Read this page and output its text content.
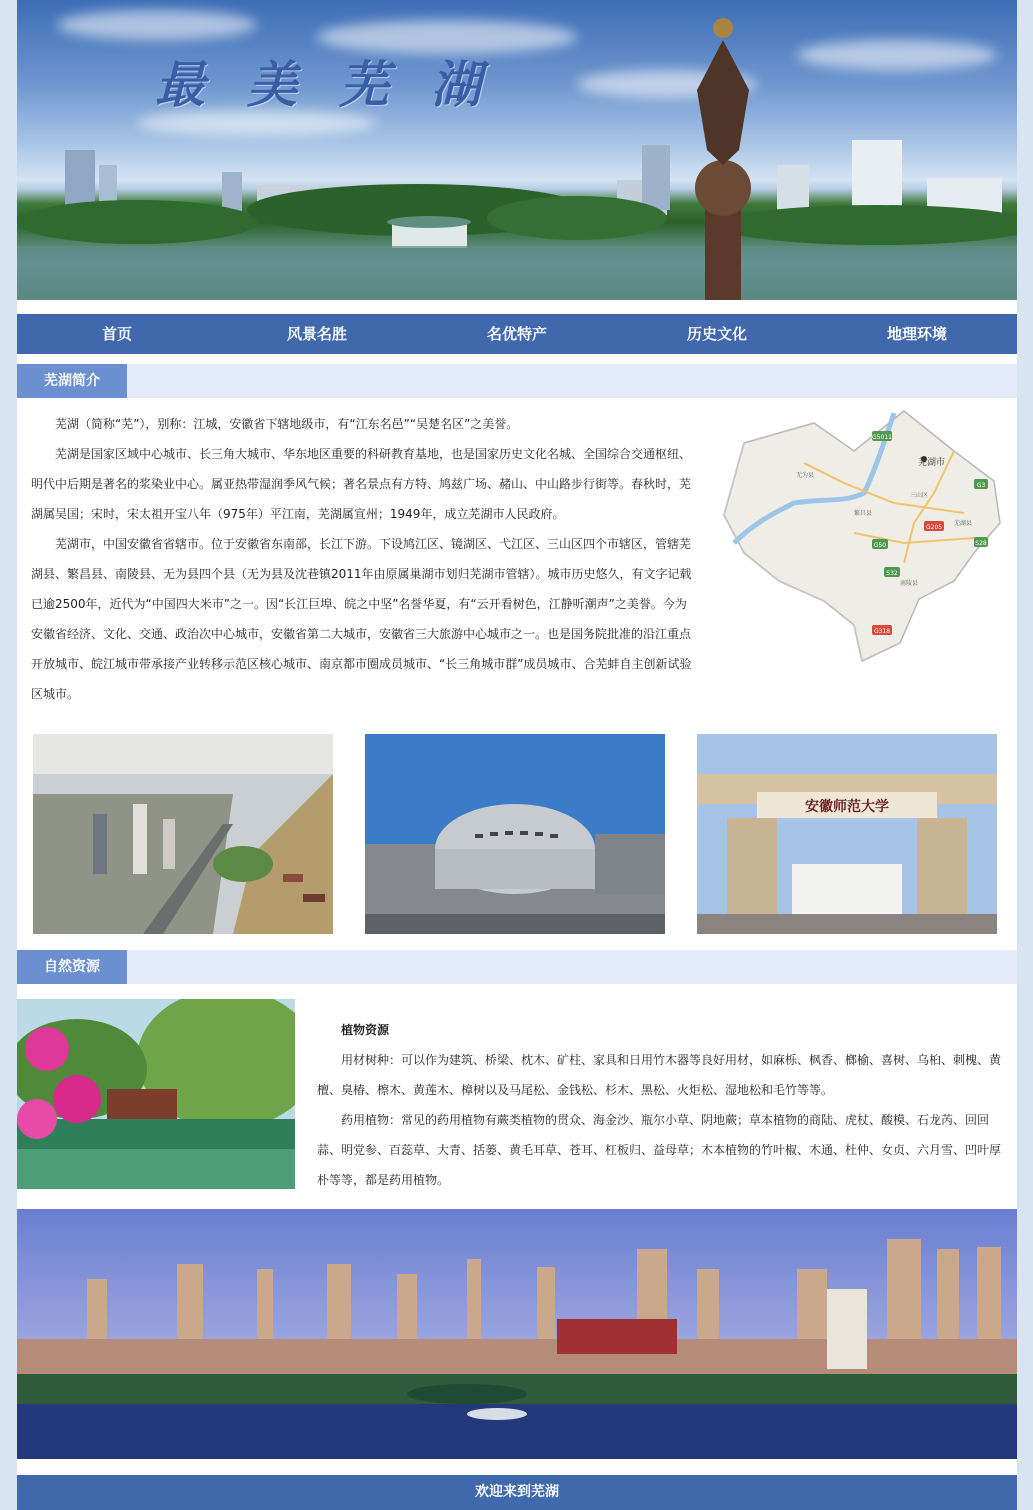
最美芜湖
首页	风景名胜	名优特产	历史文化	地理环境
芜湖简介

芜湖（简称“芜”），别称：江城，安徽省下辖地级市，有“江东名邑”“吴楚名区”之美誉。

芜湖是国家区域中心城市、长三角大城市、华东地区重要的科研教育基地，也是国家历史文化名城、全国综合交通枢纽、明代中后期是著名的浆染业中心。属亚热带湿润季风气候；著名景点有方特、鸠兹广场、赭山、中山路步行街等。春秋时，芜湖属吴国；宋时，宋太祖开宝八年（975年）平江南，芜湖属宣州；1949年，成立芜湖市人民政府。

芜湖市，中国安徽省省辖市。位于安徽省东南部，长江下游。下设鸠江区、镜湖区、弋江区、三山区四个市辖区，管辖芜湖县、繁昌县、南陵县、无为县四个县（无为县及沈巷镇2011年由原属巢湖市划归芜湖市管辖）。城市历史悠久，有文字记载已逾2500年，近代为“中国四大米市”之一。因“长江巨埠、皖之中坚”名誉华夏，有“云开看树色，江静听潮声”之美誉。今为安徽省经济、文化、交通、政治次中心城市，安徽省第二大城市，安徽省三大旅游中心城市之一。也是国务院批准的沿江重点开放城市、皖江城市带承接产业转移示范区核心城市、南京都市圈成员城市、“长三角城市群”成员城市、合芜蚌自主创新试验区城市。

G5011
G205
G50
S32
G318
G3
S28
芜湖市
无为县
三山区
繁昌县
南陵县
芜湖县
安徽师范大学
自然资源

植物资源

用材树种：可以作为建筑、桥梁、枕木、矿柱、家具和日用竹木器等良好用材，如麻栎、枫香、榔榆、喜树、乌桕、刺槐、黄檀、臭椿、檫木、黄莲木、樟树以及马尾松、金钱松、杉木、黑松、火炬松、湿地松和毛竹等等。

药用植物：常见的药用植物有蕨类植物的贯众、海金沙、瓶尔小草、阴地蕨；草本植物的商陆、虎杖、酸模、石龙芮、回回蒜、明党参、百蕊草、大青、括蒌、黄毛耳草、苍耳、杠板归、益母草；木本植物的竹叶椒、木通、杜仲、女贞、六月雪、凹叶厚朴等等，都是药用植物。

欢迎来到芜湖
